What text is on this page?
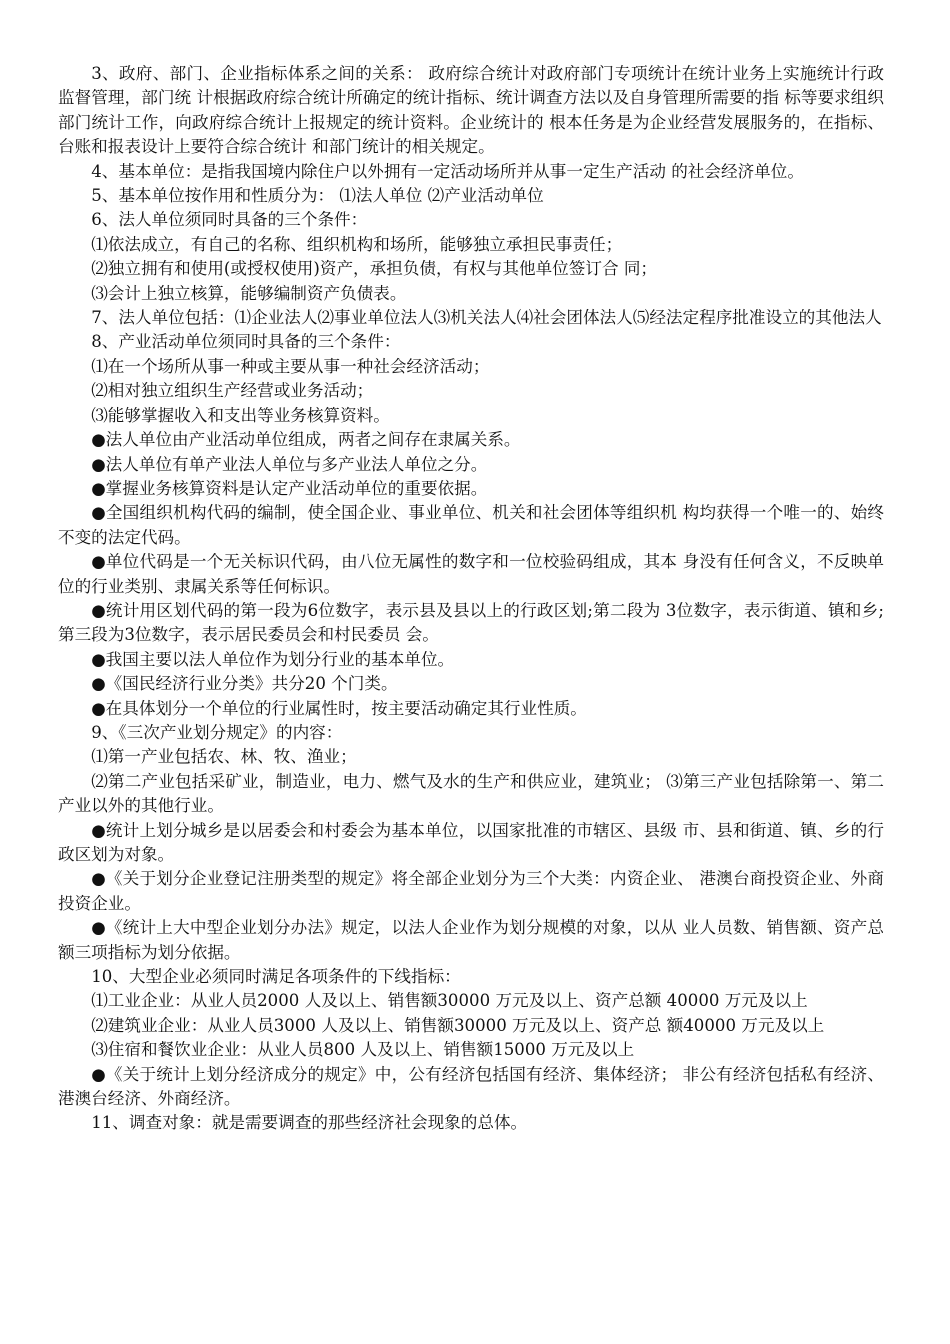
3、政府、部门、企业指标体系之间的关系： 政府综合统计对政府部门专项统计在统计业务上实施统计行政监督管理，部门统 计根据政府综合统计所确定的统计指标、统计调查方法以及自身管理所需要的指 标等要求组织部门统计工作，向政府综合统计上报规定的统计资料。企业统计的 根本任务是为企业经营发展服务的，在指标、台账和报表设计上要符合综合统计 和部门统计的相关规定。

4、基本单位：是指我国境内除住户以外拥有一定活动场所并从事一定生产活动 的社会经济单位。

5、基本单位按作用和性质分为： ⑴法人单位 ⑵产业活动单位

6、法人单位须同时具备的三个条件：

⑴依法成立，有自己的名称、组织机构和场所，能够独立承担民事责任；

⑵独立拥有和使用(或授权使用)资产，承担负债，有权与其他单位签订合 同；

⑶会计上独立核算，能够编制资产负债表。

7、法人单位包括：⑴企业法人⑵事业单位法人⑶机关法人⑷社会团体法人⑸经法定程序批准设立的其他法人

8、产业活动单位须同时具备的三个条件：

⑴在一个场所从事一种或主要从事一种社会经济活动；

⑵相对独立组织生产经营或业务活动；

⑶能够掌握收入和支出等业务核算资料。

●法人单位由产业活动单位组成，两者之间存在隶属关系。

●法人单位有单产业法人单位与多产业法人单位之分。

●掌握业务核算资料是认定产业活动单位的重要依据。

●全国组织机构代码的编制，使全国企业、事业单位、机关和社会团体等组织机 构均获得一个唯一的、始终不变的法定代码。

●单位代码是一个无关标识代码，由八位无属性的数字和一位校验码组成，其本 身没有任何含义，不反映单位的行业类别、隶属关系等任何标识。

●统计用区划代码的第一段为6位数字，表示县及县以上的行政区划;第二段为 3位数字，表示街道、镇和乡;第三段为3位数字，表示居民委员会和村民委员 会。

●我国主要以法人单位作为划分行业的基本单位。

●《国民经济行业分类》共分20 个门类。

●在具体划分一个单位的行业属性时，按主要活动确定其行业性质。

9、《三次产业划分规定》的内容：

⑴第一产业包括农、林、牧、渔业；

⑵第二产业包括采矿业，制造业，电力、燃气及水的生产和供应业，建筑业； ⑶第三产业包括除第一、第二产业以外的其他行业。

●统计上划分城乡是以居委会和村委会为基本单位，以国家批准的市辖区、县级 市、县和街道、镇、乡的行政区划为对象。

●《关于划分企业登记注册类型的规定》将全部企业划分为三个大类：内资企业、 港澳台商投资企业、外商投资企业。

●《统计上大中型企业划分办法》规定，以法人企业作为划分规模的对象，以从 业人员数、销售额、资产总额三项指标为划分依据。

10、大型企业必须同时满足各项条件的下线指标：

⑴工业企业：从业人员2000 人及以上、销售额30000 万元及以上、资产总额 40000 万元及以上

⑵建筑业企业：从业人员3000 人及以上、销售额30000 万元及以上、资产总 额40000 万元及以上

⑶住宿和餐饮业企业：从业人员800 人及以上、销售额15000 万元及以上

●《关于统计上划分经济成分的规定》中，公有经济包括国有经济、集体经济； 非公有经济包括私有经济、港澳台经济、外商经济。

11、调查对象：就是需要调查的那些经济社会现象的总体。
